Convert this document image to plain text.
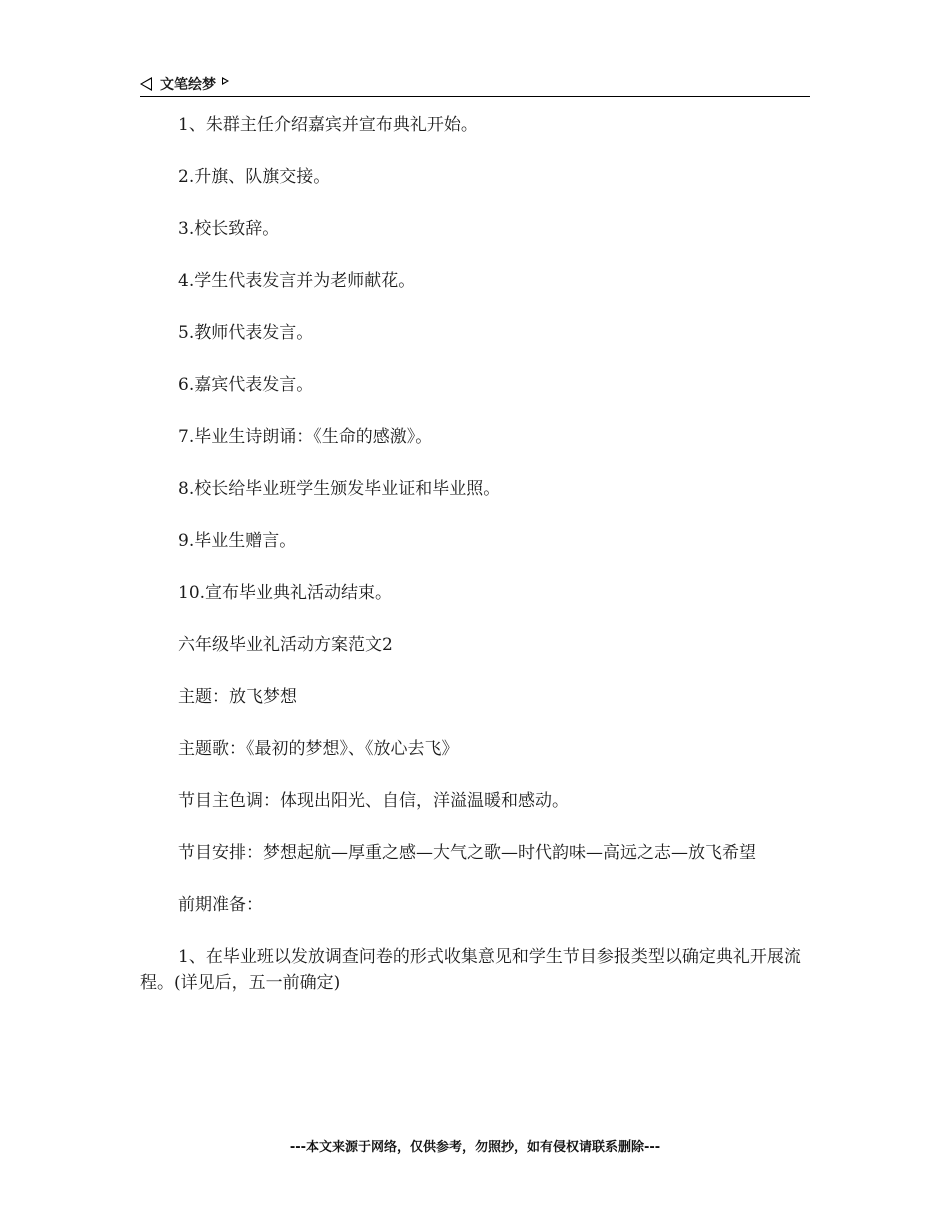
文笔绘梦

1、朱群主任介绍嘉宾并宣布典礼开始。

2.升旗、队旗交接。

3.校长致辞。

4.学生代表发言并为老师献花。

5.教师代表发言。

6.嘉宾代表发言。

7.毕业生诗朗诵：《生命的感激》。

8.校长给毕业班学生颁发毕业证和毕业照。

9.毕业生赠言。

10.宣布毕业典礼活动结束。

六年级毕业礼活动方案范文2

主题：放飞梦想

主题歌：《最初的梦想》、《放心去飞》

节目主色调：体现出阳光、自信，洋溢温暖和感动。

节目安排：梦想起航—厚重之感—大气之歌—时代韵味—高远之志—放飞希望

前期准备：

1、在毕业班以发放调查问卷的形式收集意见和学生节目参报类型以确定典礼开展流程。(详见后，五一前确定)

---本文来源于网络，仅供参考，勿照抄，如有侵权请联系删除---
